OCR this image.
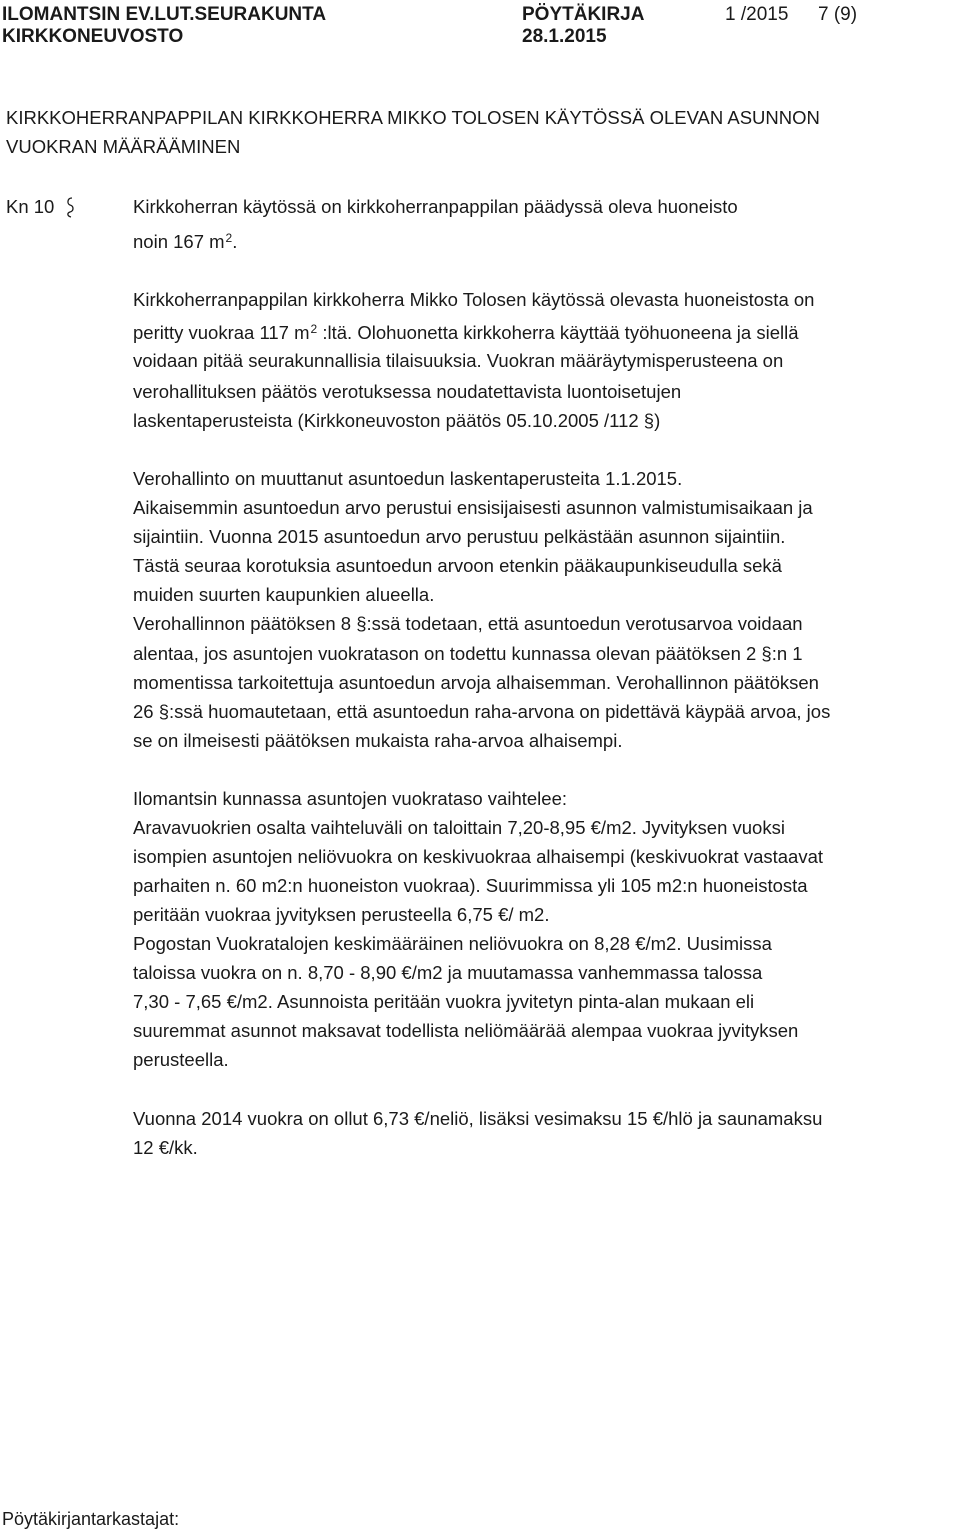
ILOMANTSIN EV.LUT.SEURAKUNTA
KIRKKONEUVOSTO
PÖYTÄKIRJA
28.1.2015
1 /2015 7 (9)
KIRKKOHERRANPAPPILAN KIRKKOHERRA MIKKO TOLOSEN KÄYTÖSSÄ OLEVAN ASUNNON
VUOKRAN MÄÄRÄÄMINEN
Kn 10	Kirkkoherran käytössä on kirkkoherranpappilan päädyssä oleva huoneisto
noin 167 $m^2$.
Kirkkoherranpappilan kirkkoherra Mikko Tolosen käytössä olevasta huoneistosta on
peritty vuokraa 117 $m^2$ :ltä. Olohuonetta kirkkoherra käyttää työhuoneena ja siellä
voidaan pitää seurakunnallisia tilaisuuksia. Vuokran määräytymisperusteena on
verohallituksen päätös verotuksessa noudatettavista luontoisetujen
laskentaperusteista (Kirkkoneuvoston päätös 05.10.2005 /112 §)
Verohallinto on muuttanut asuntoedun laskentaperusteita 1.1.2015.
Aikaisemmin asuntoedun arvo perustui ensisijaisesti asunnon valmistumisaikaan ja
sijaintiin. Vuonna 2015 asuntoedun arvo perustuu pelkästään asunnon sijaintiin.
Tästä seuraa korotuksia asuntoedun arvoon etenkin pääkaupunkiseudulla sekä
muiden suurten kaupunkien alueella.
Verohallinnon päätöksen 8 §:ssä todetaan, että asuntoedun verotusarvoa voidaan
alentaa, jos asuntojen vuokratason on todettu kunnassa olevan päätöksen 2 §:n 1
momentissa tarkoitettuja asuntoedun arvoja alhaisemman. Verohallinnon päätöksen
26 §:ssä huomautetaan, että asuntoedun raha-arvona on pidettävä käypää arvoa, jos
se on ilmeisesti päätöksen mukaista raha-arvoa alhaisempi.
Ilomantsin kunnassa asuntojen vuokrataso vaihtelee:
Aravavuokrien osalta vaihteluväli on taloittain 7,20-8,95 €/m2. Jyvityksen vuoksi
isompien asuntojen neliövuokra on keskivuokraa alhaisempi (keskivuokrat vastaavat
parhaiten n. 60 m2:n huoneiston vuokraa). Suurimmissa yli 105 m2:n huoneistosta
peritään vuokraa jyvityksen perusteella 6,75 €/ m2.
Pogostan Vuokratalojen keskimääräinen neliövuokra on 8,28 €/m2. Uusimissa
taloissa vuokra on n. 8,70 - 8,90 €/m2 ja muutamassa vanhemmassa talossa
7,30 - 7,65 €/m2. Asunnoista peritään vuokra jyvitetyn pinta-alan mukaan eli
suuremmat asunnot maksavat todellista neliömäärää alempaa vuokraa jyvityksen
perusteella.
Vuonna 2014 vuokra on ollut 6,73 €/neliö, lisäksi vesimaksu 15 €/hlö ja saunamaksu
12 €/kk.
Pöytäkirjantarkastajat:
